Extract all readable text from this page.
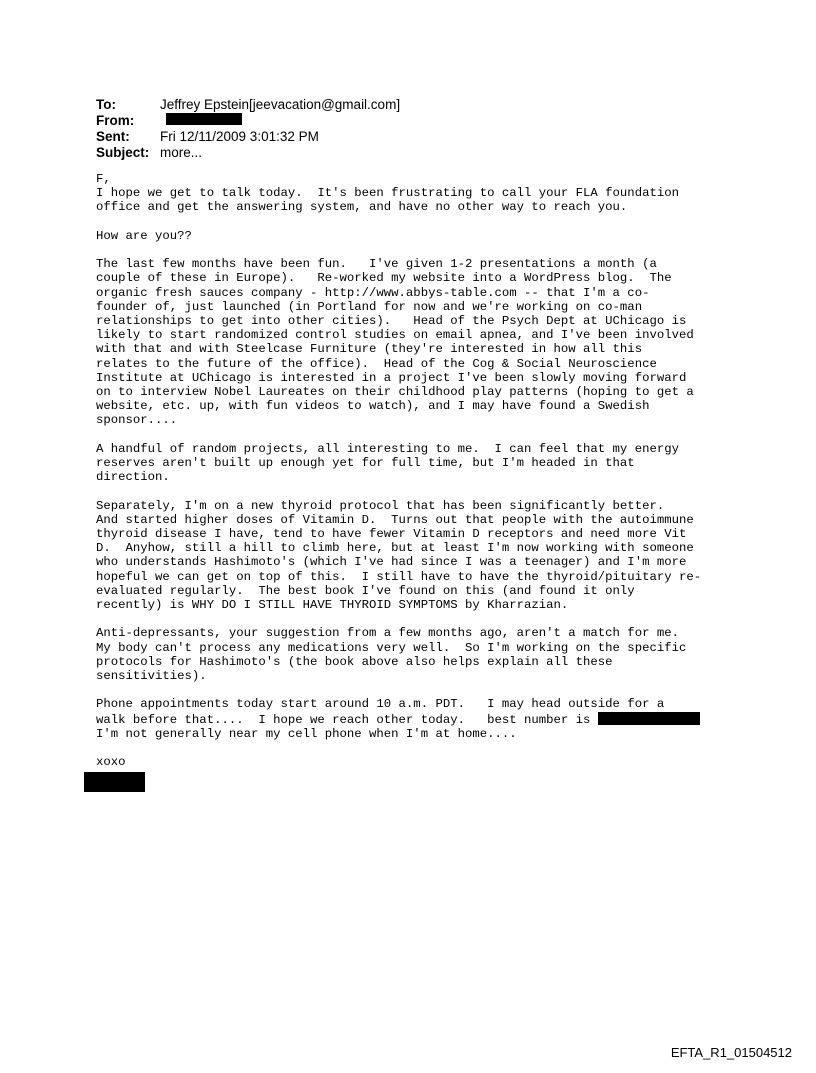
To:	Jeffrey Epstein[jeevacation@gmail.com]
From:
Sent:	Fri 12/11/2009 3:01:32 PM
Subject: more...

F,
I hope we get to talk today.  It's been frustrating to call your FLA foundation
office and get the answering system, and have no other way to reach you.

How are you??

The last few months have been fun.   I've given 1-2 presentations a month (a
couple of these in Europe).   Re-worked my website into a WordPress blog.  The
organic fresh sauces company - http://www.abbys-table.com -- that I'm a co-
founder of, just launched (in Portland for now and we're working on co-man
relationships to get into other cities).   Head of the Psych Dept at UChicago is
likely to start randomized control studies on email apnea, and I've been involved
with that and with Steelcase Furniture (they're interested in how all this
relates to the future of the office).  Head of the Cog & Social Neuroscience
Institute at UChicago is interested in a project I've been slowly moving forward
on to interview Nobel Laureates on their childhood play patterns (hoping to get a
website, etc. up, with fun videos to watch), and I may have found a Swedish
sponsor....

A handful of random projects, all interesting to me.  I can feel that my energy
reserves aren't built up enough yet for full time, but I'm headed in that
direction.

Separately, I'm on a new thyroid protocol that has been significantly better.
And started higher doses of Vitamin D.  Turns out that people with the autoimmune
thyroid disease I have, tend to have fewer Vitamin D receptors and need more Vit
D.  Anyhow, still a hill to climb here, but at least I'm now working with someone
who understands Hashimoto's (which I've had since I was a teenager) and I'm more
hopeful we can get on top of this.  I still have to have the thyroid/pituitary re-
evaluated regularly.  The best book I've found on this (and found it only
recently) is WHY DO I STILL HAVE THYROID SYMPTOMS by Kharrazian.

Anti-depressants, your suggestion from a few months ago, aren't a match for me.
My body can't process any medications very well.  So I'm working on the specific
protocols for Hashimoto's (the book above also helps explain all these
sensitivities).

Phone appointments today start around 10 a.m. PDT.   I may head outside for a
walk before that....  I hope we reach other today.   best number is
I'm not generally near my cell phone when I'm at home....

xoxo

EFTA_R1_01504512
